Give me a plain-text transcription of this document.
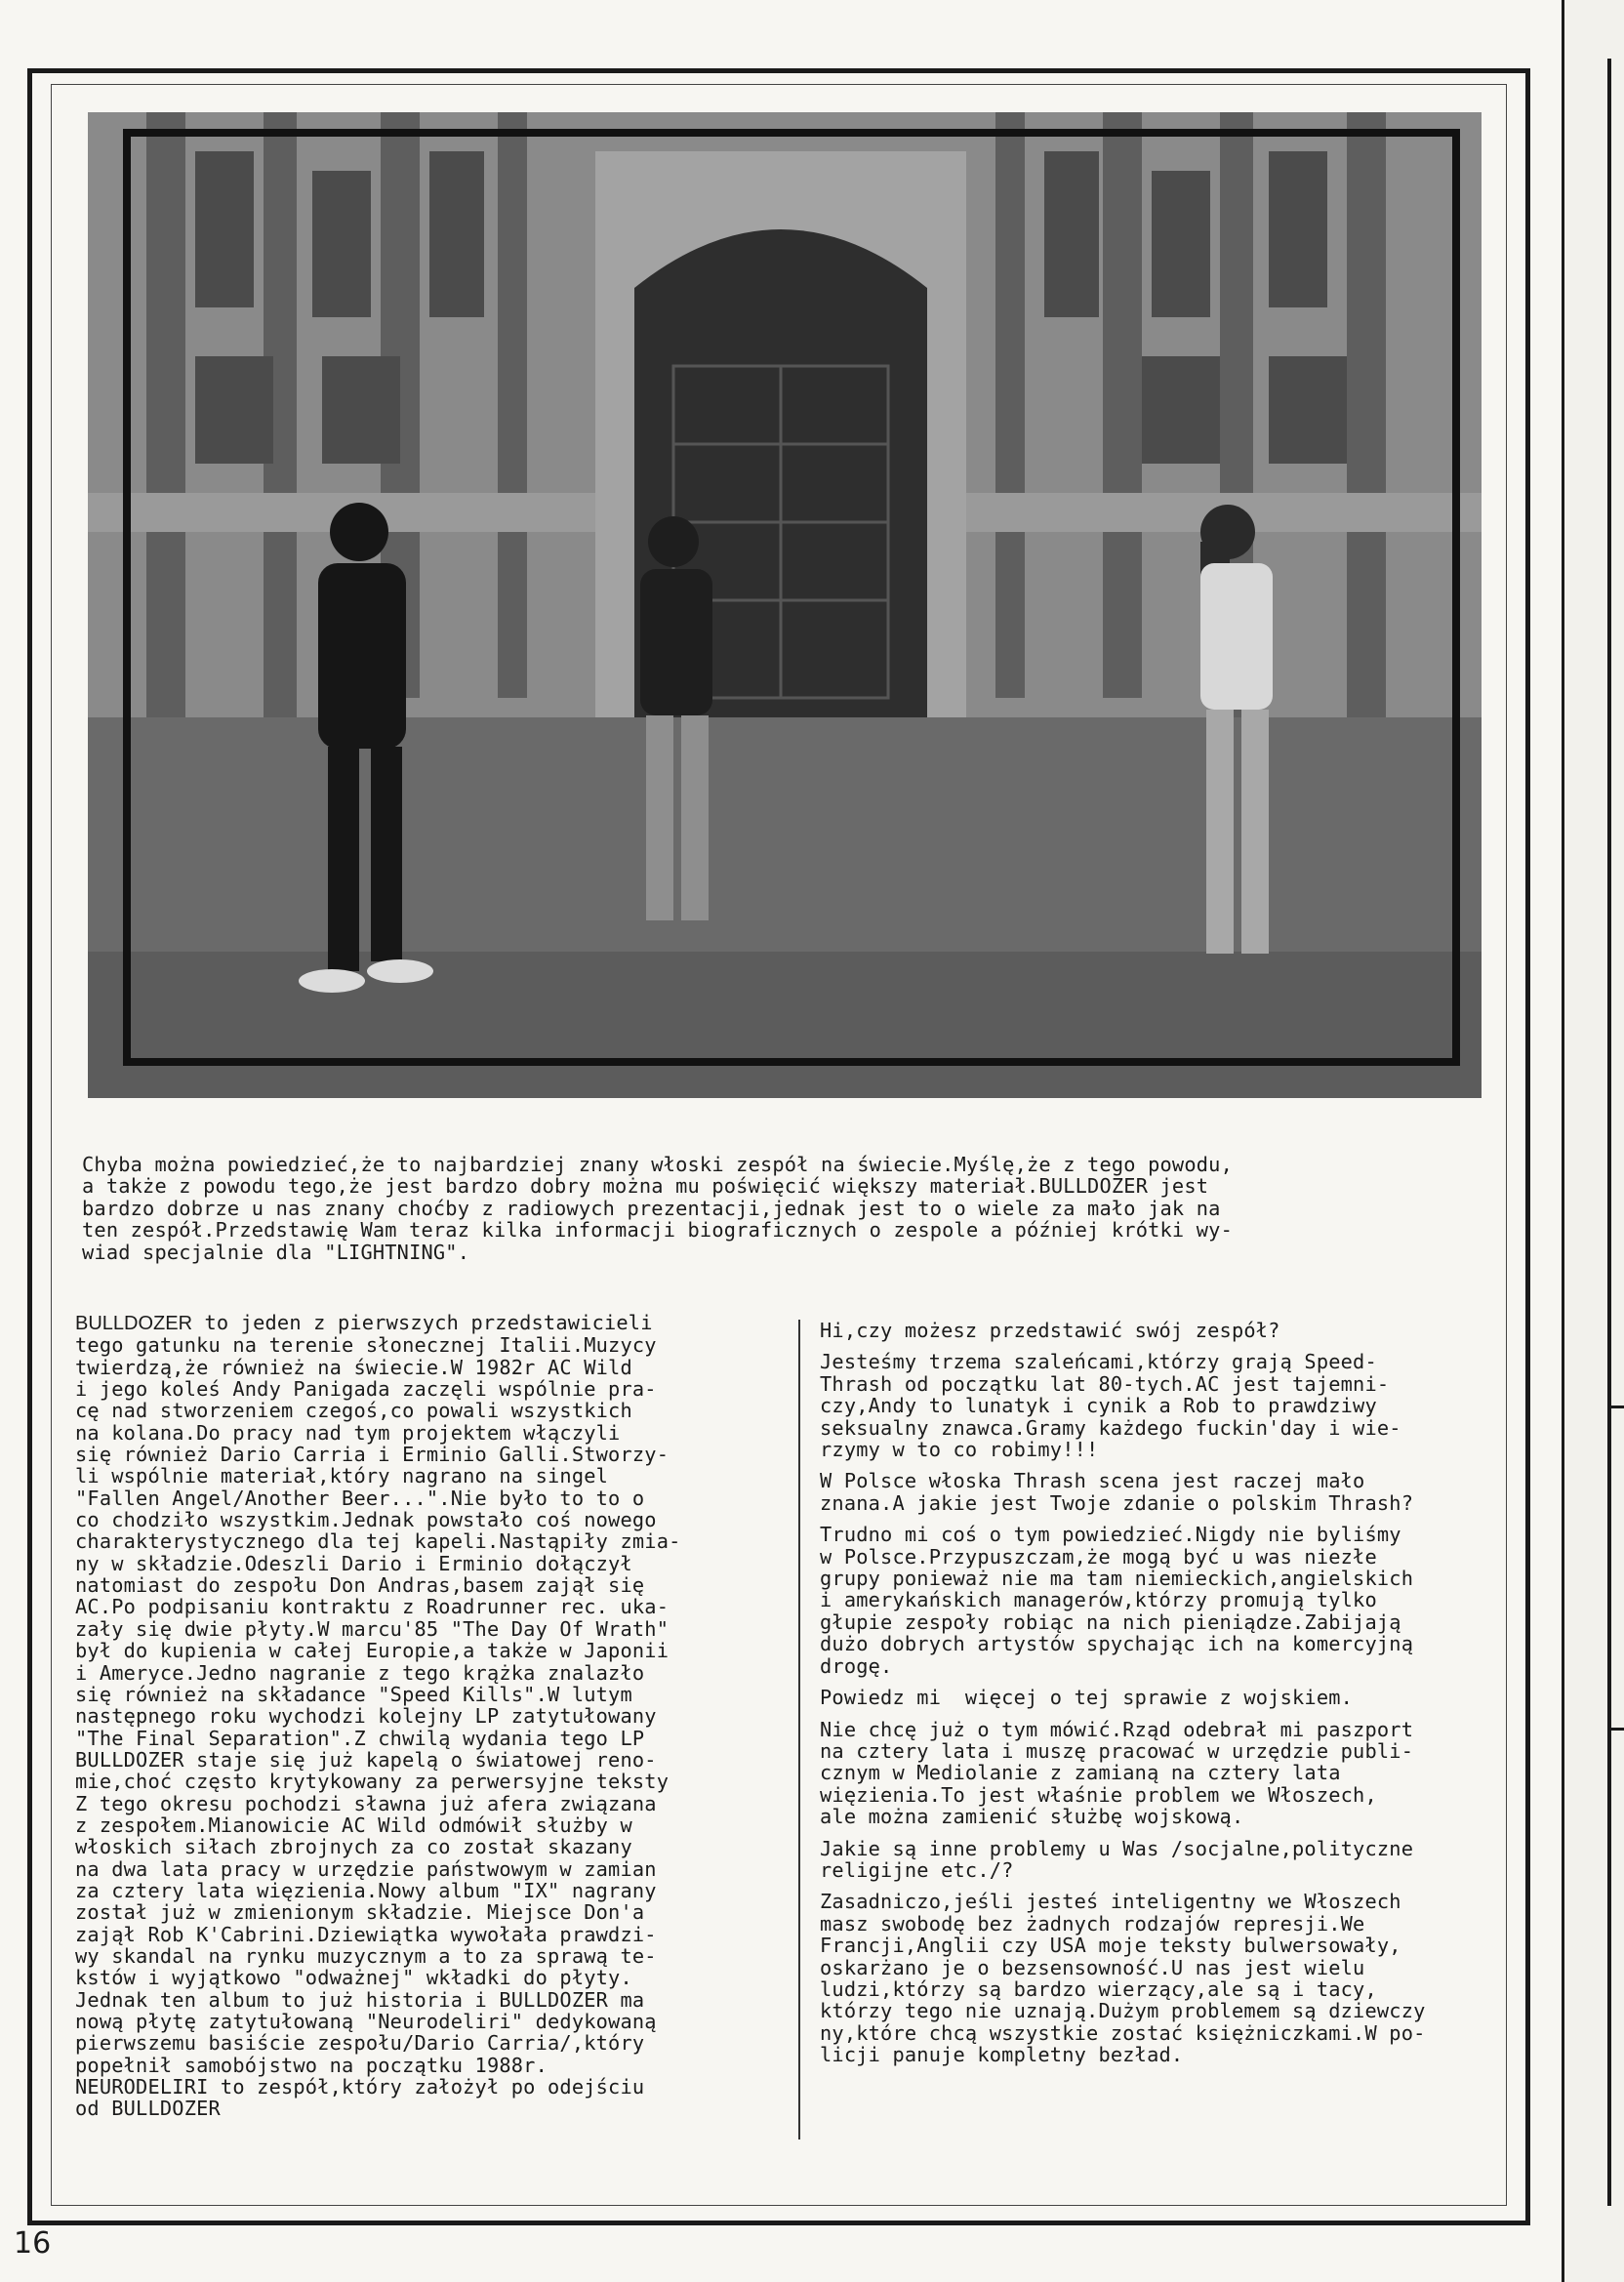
Chyba można powiedzieć,że to najbardziej znany włoski zespół na świecie.Myślę,że z tego powodu,
a także z powodu tego,że jest bardzo dobry można mu poświęcić większy materiał.BULLDOZER jest
bardzo dobrze u nas znany choćby z radiowych prezentacji,jednak jest to o wiele za mało jak na
ten zespół.Przedstawię Wam teraz kilka informacji biograficznych o zespole a później krótki wy-
wiad specjalnie dla "LIGHTNING".
BULLDOZER to jeden z pierwszych przedstawicieli
tego gatunku na terenie słonecznej Italii.Muzycy
twierdzą,że również na świecie.W 1982r AC Wild
i jego koleś Andy Panigada zaczęli wspólnie pra-
cę nad stworzeniem czegoś,co powali wszystkich
na kolana.Do pracy nad tym projektem włączyli
się również Dario Carria i Erminio Galli.Stworzy-
li wspólnie materiał,który nagrano na singel
"Fallen Angel/Another Beer...".Nie było to to o
co chodziło wszystkim.Jednak powstało coś nowego
charakterystycznego dla tej kapeli.Nastąpiły zmia-
ny w składzie.Odeszli Dario i Erminio dołączył
natomiast do zespołu Don Andras,basem zajął się
AC.Po podpisaniu kontraktu z Roadrunner rec. uka-
zały się dwie płyty.W marcu'85 "The Day Of Wrath"
był do kupienia w całej Europie,a także w Japonii
i Ameryce.Jedno nagranie z tego krążka znalazło
się również na składance "Speed Kills".W lutym
następnego roku wychodzi kolejny LP zatytułowany
"The Final Separation".Z chwilą wydania tego LP
BULLDOZER staje się już kapelą o światowej reno-
mie,choć często krytykowany za perwersyjne teksty
Z tego okresu pochodzi sławna już afera związana
z zespołem.Mianowicie AC Wild odmówił służby w
włoskich siłach zbrojnych za co został skazany
na dwa lata pracy w urzędzie państwowym w zamian
za cztery lata więzienia.Nowy album "IX" nagrany
został już w zmienionym składzie. Miejsce Don'a
zajął Rob K'Cabrini.Dziewiątka wywołała prawdzi-
wy skandal na rynku muzycznym a to za sprawą te-
kstów i wyjątkowo "odważnej" wkładki do płyty.
Jednak ten album to już historia i BULLDOZER ma
nową płytę zatytułowaną "Neurodeliri" dedykowaną
pierwszemu basiście zespołu/Dario Carria/,który
popełnił samobójstwo na początku 1988r.
NEURODELIRI to zespół,który założył po odejściu
od BULLDOZER

Hi,czy możesz przedstawić swój zespół?

Jesteśmy trzema szaleńcami,którzy grają Speed-
Thrash od początku lat 80-tych.AC jest tajemni-
czy,Andy to lunatyk i cynik a Rob to prawdziwy
seksualny znawca.Gramy każdego fuckin'day i wie-
rzymy w to co robimy!!!

W Polsce włoska Thrash scena jest raczej mało
znana.A jakie jest Twoje zdanie o polskim Thrash?

Trudno mi coś o tym powiedzieć.Nigdy nie byliśmy
w Polsce.Przypuszczam,że mogą być u was niezłe
grupy ponieważ nie ma tam niemieckich,angielskich
i amerykańskich managerów,którzy promują tylko
głupie zespoły robiąc na nich pieniądze.Zabijają
dużo dobrych artystów spychając ich na komercyjną
drogę.

Powiedz mi  więcej o tej sprawie z wojskiem.

Nie chcę już o tym mówić.Rząd odebrał mi paszport
na cztery lata i muszę pracować w urzędzie publi-
cznym w Mediolanie z zamianą na cztery lata
więzienia.To jest właśnie problem we Włoszech,
ale można zamienić służbę wojskową.

Jakie są inne problemy u Was /socjalne,polityczne
religijne etc./?

Zasadniczo,jeśli jesteś inteligentny we Włoszech
masz swobodę bez żadnych rodzajów represji.We
Francji,Anglii czy USA moje teksty bulwersowały,
oskarżano je o bezsensowność.U nas jest wielu
ludzi,którzy są bardzo wierzący,ale są i tacy,
którzy tego nie uznają.Dużym problemem są dziewczy
ny,które chcą wszystkie zostać księżniczkami.W po-
licji panuje kompletny bezład.

16
